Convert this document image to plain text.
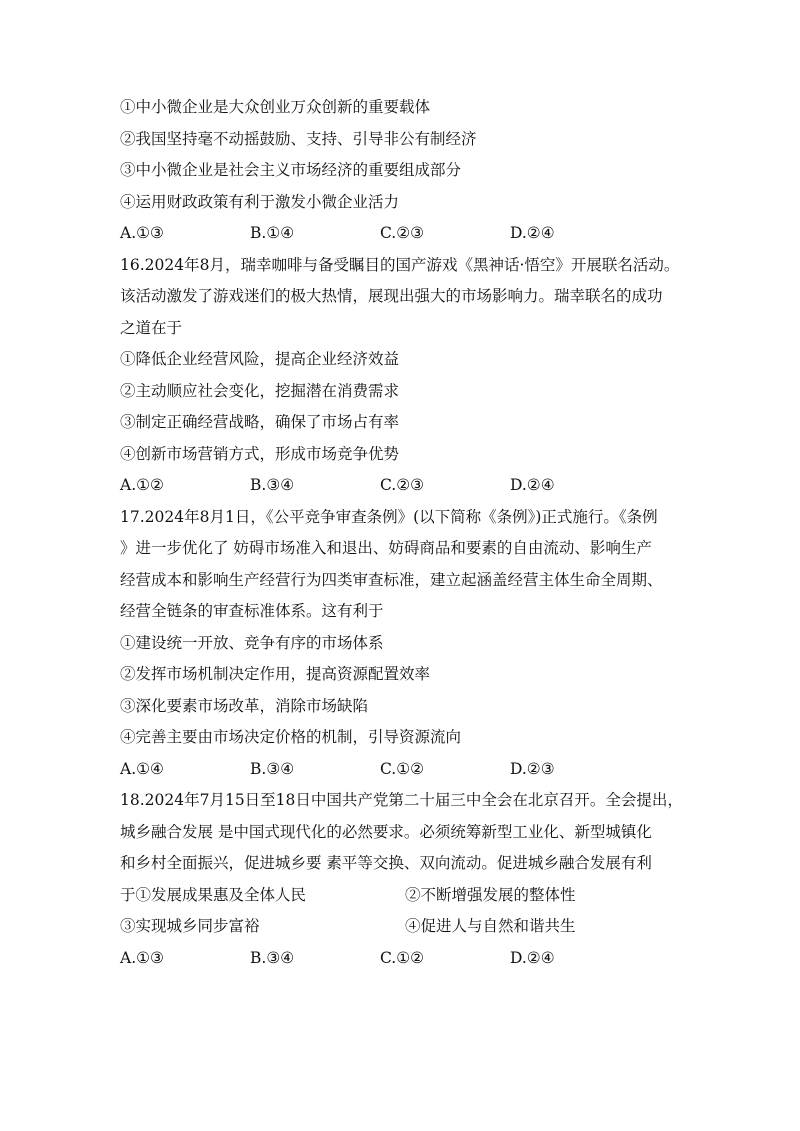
①中小微企业是大众创业万众创新的重要载体
②我国坚持毫不动摇鼓励、支持、引导非公有制经济
③中小微企业是社会主义市场经济的重要组成部分
④运用财政政策有利于激发小微企业活力
A.①③	B.①④	C.②③	D.②④
16.2024年8月，瑞幸咖啡与备受瞩目的国产游戏《黑神话·悟空》开展联名活动。
该活动激发了游戏迷们的极大热情，展现出强大的市场影响力。瑞幸联名的成功
之道在于
①降低企业经营风险，提高企业经济效益
②主动顺应社会变化，挖掘潜在消费需求
③制定正确经营战略，确保了市场占有率
④创新市场营销方式，形成市场竞争优势
A.①②	B.③④	C.②③	D.②④
17.2024年8月1日，《公平竞争审查条例》(以下简称《条例》)正式施行。《条例
》进一步优化了 妨碍市场准入和退出、妨碍商品和要素的自由流动、影响生产
经营成本和影响生产经营行为四类审查标准，建立起涵盖经营主体生命全周期、
经营全链条的审查标准体系。这有利于
①建设统一开放、竞争有序的市场体系
②发挥市场机制决定作用，提高资源配置效率
③深化要素市场改革，消除市场缺陷
④完善主要由市场决定价格的机制，引导资源流向
A.①④	B.③④	C.①②	D.②③
18.2024年7月15日至18日中国共产党第二十届三中全会在北京召开。全会提出，
城乡融合发展 是中国式现代化的必然要求。必须统筹新型工业化、新型城镇化
和乡村全面振兴，促进城乡要 素平等交换、双向流动。促进城乡融合发展有利
于①发展成果惠及全体人民	②不断增强发展的整体性
③实现城乡同步富裕	④促进人与自然和谐共生
A.①③	B.③④	C.①②	D.②④
